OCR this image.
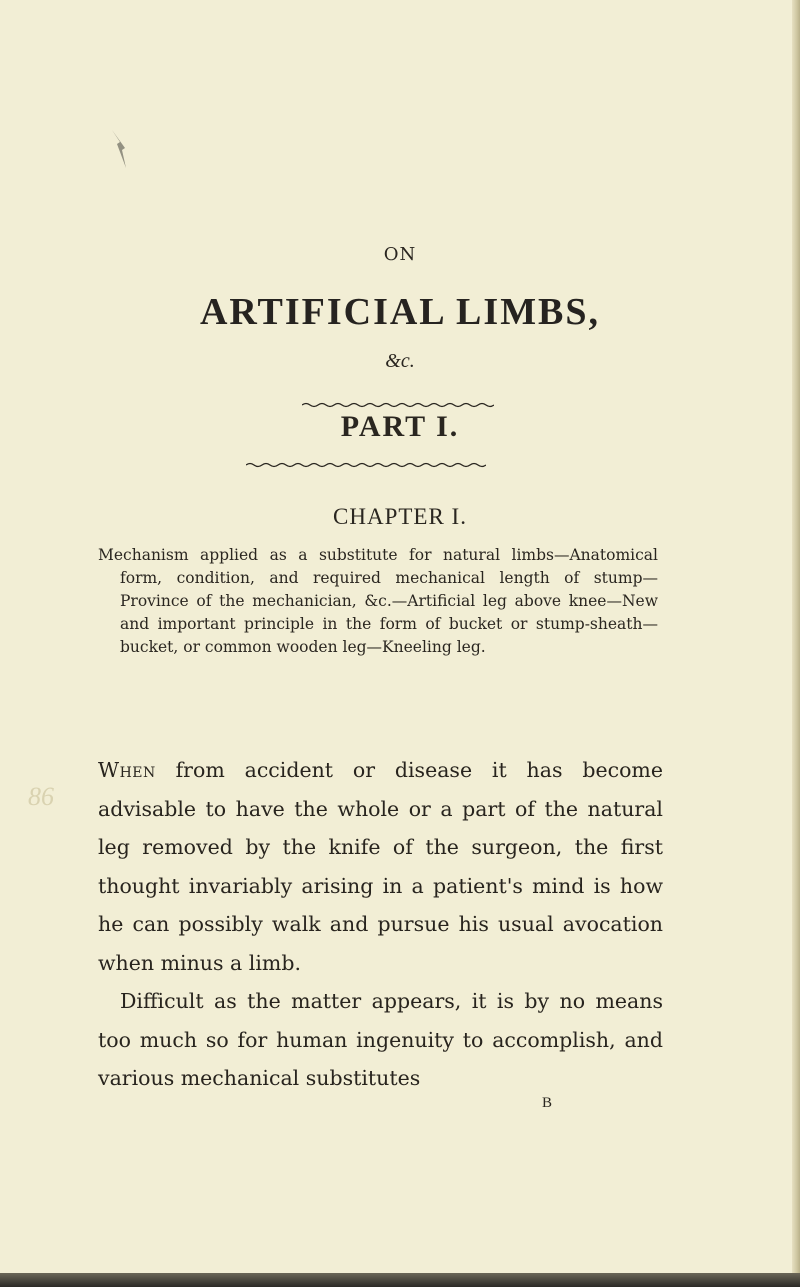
86
ON
ARTIFICIAL LIMBS,
&c.
PART I.
CHAPTER I.

Mechanism applied as a substitute for natural limbs—Anatomical form, condition, and required mechanical length of stump—Province of the mechanician, &c.—Artificial leg above knee—New and important principle in the form of bucket or stump-sheath—bucket, or common wooden leg—Kneeling leg.

When from accident or disease it has become advisable to have the whole or a part of the natural leg removed by the knife of the surgeon, the first thought invariably arising in a patient's mind is how he can possibly walk and pursue his usual avocation when minus a limb.

Difficult as the matter appears, it is by no means too much so for human ingenuity to accomplish, and various mechanical substitutes

B
